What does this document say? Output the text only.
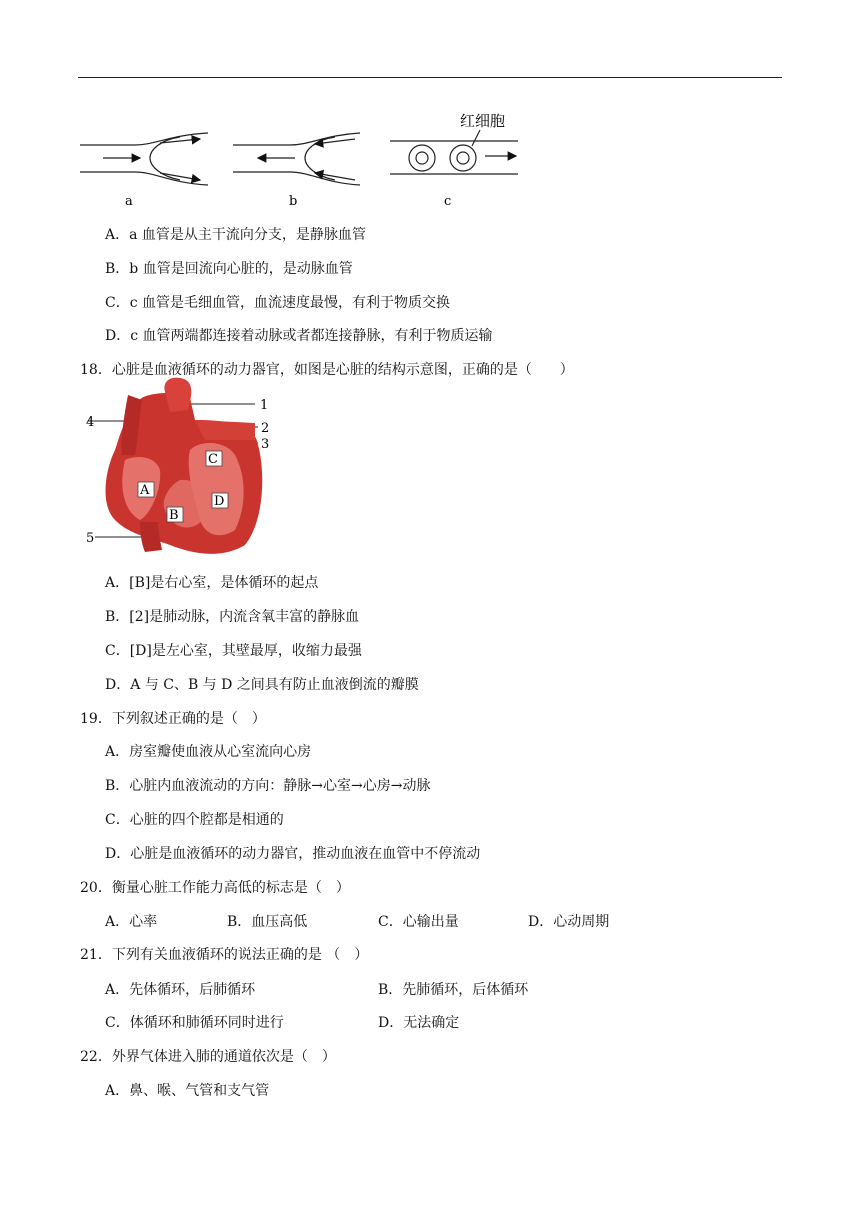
a	b
红细胞
c
A．a 血管是从主干流向分支，是静脉血管
B．b 血管是回流向心脏的，是动脉血管
C．c 血管是毛细血管，血流速度最慢，有利于物质交换
D．c 血管两端都连接着动脉或者都连接静脉，有利于物质运输
18．心脏是血液循环的动力器官，如图是心脏的结构示意图，正确的是（　　）
A
B
C
D
1
2
3
4
5
A．[B]是右心室，是体循环的起点
B．[2]是肺动脉，内流含氧丰富的静脉血
C．[D]是左心室，其壁最厚，收缩力最强
D．A 与 C、B 与 D 之间具有防止血液倒流的瓣膜
19．下列叙述正确的是（　）
A．房室瓣使血液从心室流向心房
B．心脏内血液流动的方向：静脉→心室→心房→动脉
C．心脏的四个腔都是相通的
D．心脏是血液循环的动力器官，推动血液在血管中不停流动
20．衡量心脏工作能力高低的标志是（　）
A．心率	B．血压高低	C．心输出量	D．心动周期
21．下列有关血液循环的说法正确的是 （　）
A．先体循环，后肺循环	B．先肺循环，后体循环
C．体循环和肺循环同时进行	D．无法确定
22．外界气体进入肺的通道依次是（　）
A．鼻、喉、气管和支气管
